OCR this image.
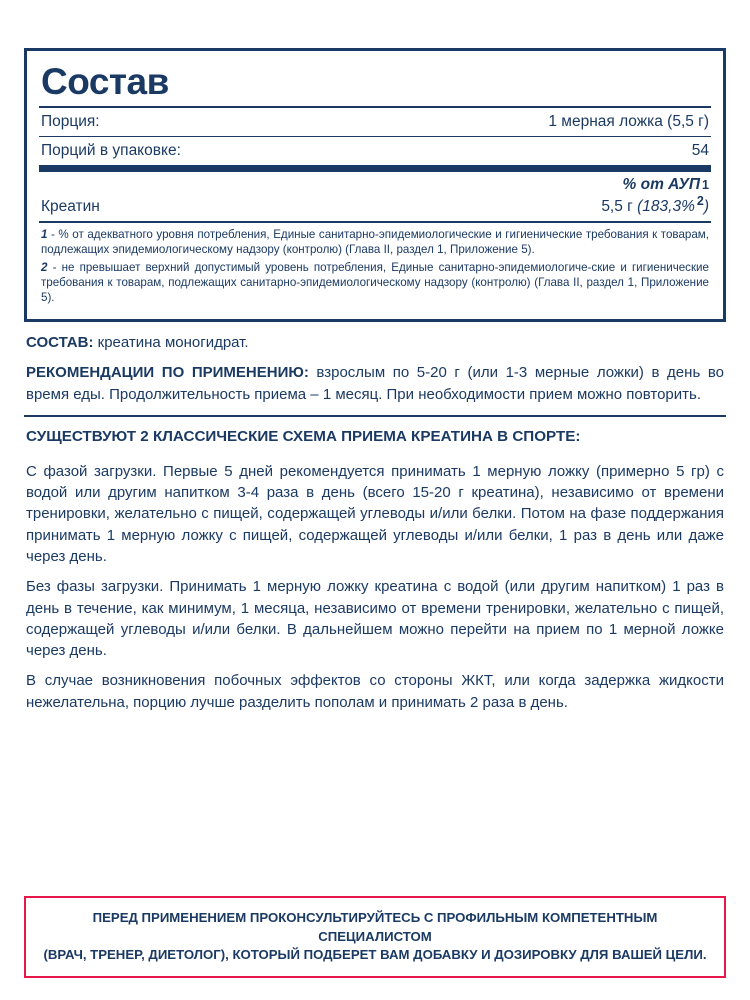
Состав
Порция:	1 мерная ложка (5,5 г)
Порций в упаковке:	54
% от АУП 1
Креатин	5,5 г (183,3% $^2$)

1 - % от адекватного уровня потребления, Единые санитарно-эпидемиологические и гигиенические требования к товарам, подлежащих эпидемиологическому надзору (контролю) (Глава II, раздел 1, Приложение 5).

2 - не превышает верхний допустимый уровень потребления, Единые санитарно-эпидемиологиче-ские и гигиенические требования к товарам, подлежащих санитарно-эпидемиологическому надзору (контролю) (Глава II, раздел 1, Приложение 5).

СОСТАВ: креатина моногидрат.

РЕКОМЕНДАЦИИ ПО ПРИМЕНЕНИЮ: взрослым по 5-20 г (или 1-3 мерные ложки) в день во время еды. Продолжительность приема – 1 месяц. При необходимости прием можно повторить.

СУЩЕСТВУЮТ 2 КЛАССИЧЕСКИЕ СХЕМА ПРИЕМА КРЕАТИНА В СПОРТЕ:

С фазой загрузки. Первые 5 дней рекомендуется принимать 1 мерную ложку (примерно 5 гр) с водой или другим напитком 3-4 раза в день (всего 15-20 г креатина), независимо от времени тренировки, желательно с пищей, содержащей углеводы и/или белки. Потом на фазе поддержания принимать 1 мерную ложку с пищей, содержащей углеводы и/или белки, 1 раз в день или даже через день.

Без фазы загрузки. Принимать 1 мерную ложку креатина с водой (или другим напитком) 1 раз в день в течение, как минимум, 1 месяца, независимо от времени тренировки, желательно с пищей, содержащей углеводы и/или белки. В дальнейшем можно перейти на прием по 1 мерной ложке через день.

В случае возникновения побочных эффектов со стороны ЖКТ, или когда задержка жидкости нежелательна, порцию лучше разделить пополам и принимать 2 раза в день.

ПЕРЕД ПРИМЕНЕНИЕМ ПРОКОНСУЛЬТИРУЙТЕСЬ С ПРОФИЛЬНЫМ КОМПЕТЕНТНЫМ СПЕЦИАЛИСТОМ

(ВРАЧ, ТРЕНЕР, ДИЕТОЛОГ), КОТОРЫЙ ПОДБЕРЕТ ВАМ ДОБАВКУ И ДОЗИРОВКУ ДЛЯ ВАШЕЙ ЦЕЛИ.
